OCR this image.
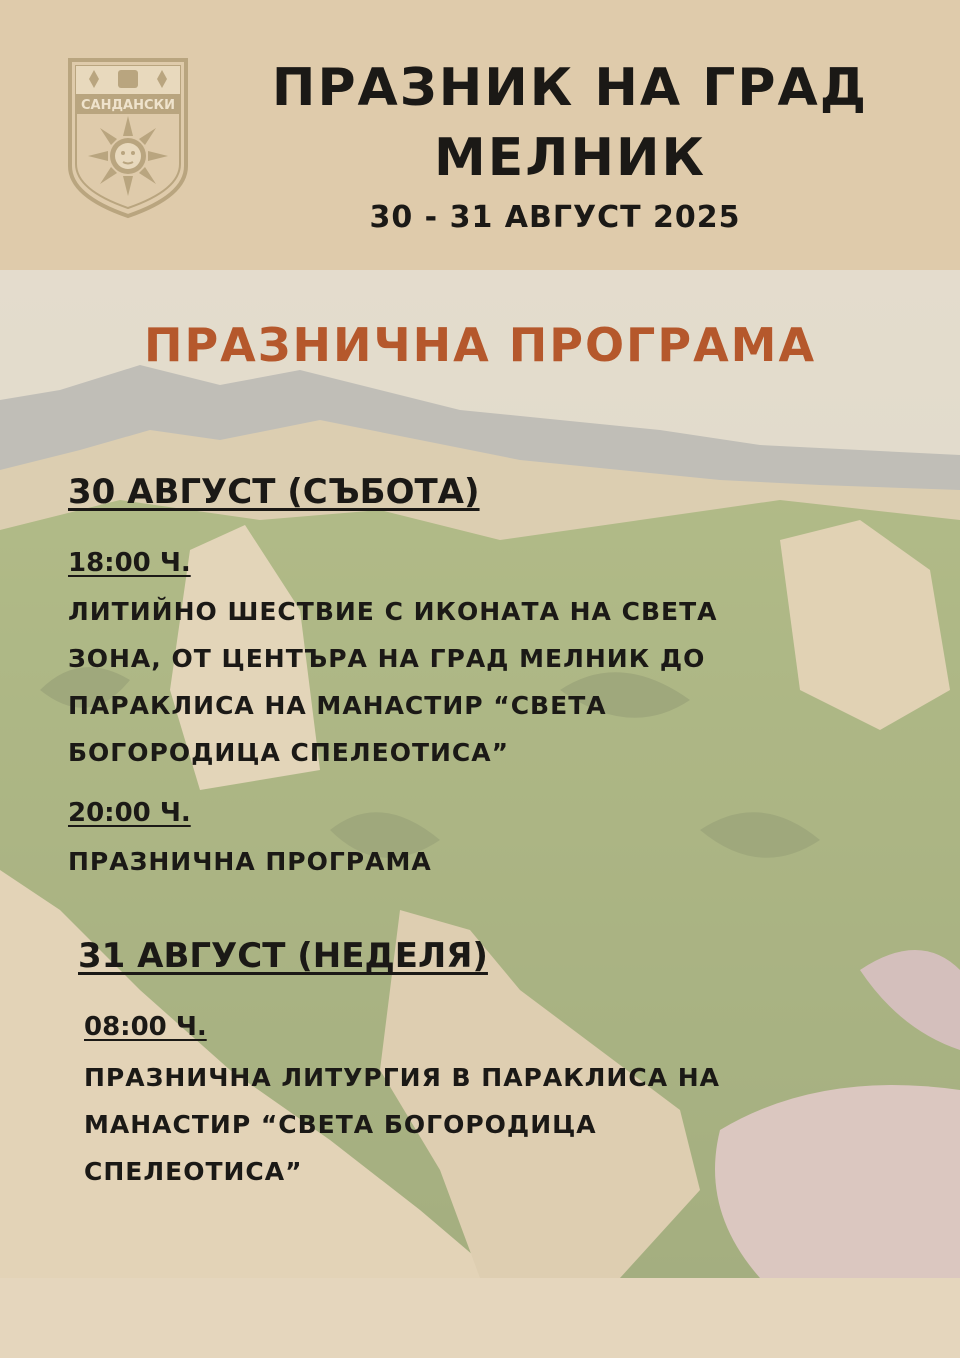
САНДАНСКИ	ПРАЗНИК НА ГРАД
МЕЛНИК
30 - 31 АВГУСТ 2025
ПРАЗНИЧНА ПРОГРАМА
30 АВГУСТ (СЪБОТА)
18:00 Ч.
ЛИТИЙНО ШЕСТВИЕ С ИКОНАТА НА СВЕТА
ЗОНА, ОТ ЦЕНТЪРА НА ГРАД МЕЛНИК ДО
ПАРАКЛИСА НА МАНАСТИР “СВЕТА
БОГОРОДИЦА СПЕЛЕОТИСА”
20:00 Ч.
ПРАЗНИЧНА ПРОГРАМА
31 АВГУСТ (НЕДЕЛЯ)
08:00 Ч.
ПРАЗНИЧНА ЛИТУРГИЯ В ПАРАКЛИСА НА
МАНАСТИР “СВЕТА БОГОРОДИЦА
СПЕЛЕОТИСА”
